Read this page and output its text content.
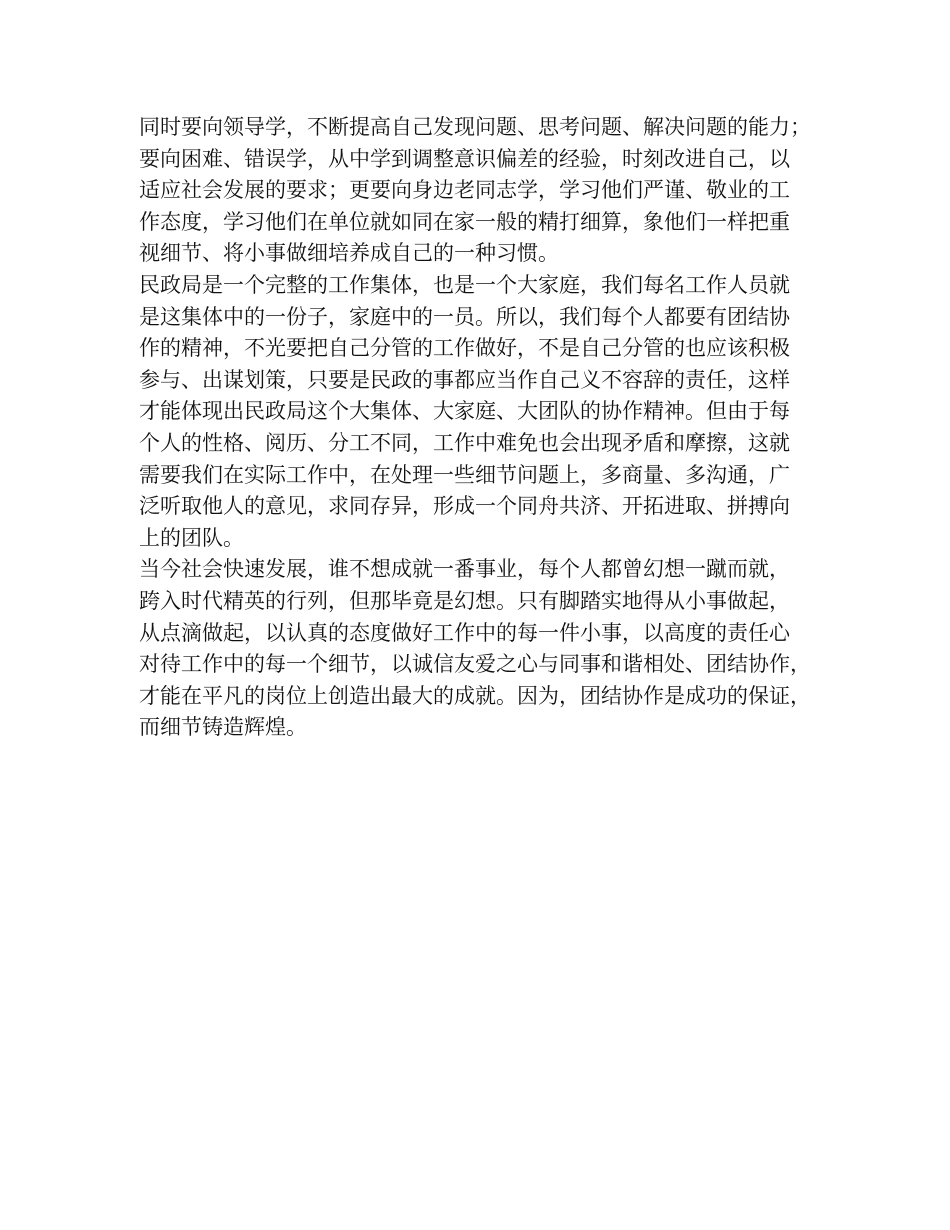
同时要向领导学，不断提高自己发现问题、思考问题、解决问题的能力；
要向困难、错误学，从中学到调整意识偏差的经验，时刻改进自己，以
适应社会发展的要求；更要向身边老同志学，学习他们严谨、敬业的工
作态度，学习他们在单位就如同在家一般的精打细算，象他们一样把重
视细节、将小事做细培养成自己的一种习惯。
民政局是一个完整的工作集体，也是一个大家庭，我们每名工作人员就
是这集体中的一份子，家庭中的一员。所以，我们每个人都要有团结协
作的精神，不光要把自己分管的工作做好，不是自己分管的也应该积极
参与、出谋划策，只要是民政的事都应当作自己义不容辞的责任，这样
才能体现出民政局这个大集体、大家庭、大团队的协作精神。但由于每
个人的性格、阅历、分工不同，工作中难免也会出现矛盾和摩擦，这就
需要我们在实际工作中，在处理一些细节问题上，多商量、多沟通，广
泛听取他人的意见，求同存异，形成一个同舟共济、开拓进取、拼搏向
上的团队。
当今社会快速发展，谁不想成就一番事业，每个人都曾幻想一蹴而就，
跨入时代精英的行列，但那毕竟是幻想。只有脚踏实地得从小事做起，
从点滴做起，以认真的态度做好工作中的每一件小事，以高度的责任心
对待工作中的每一个细节，以诚信友爱之心与同事和谐相处、团结协作，
才能在平凡的岗位上创造出最大的成就。因为，团结协作是成功的保证，
而细节铸造辉煌。
